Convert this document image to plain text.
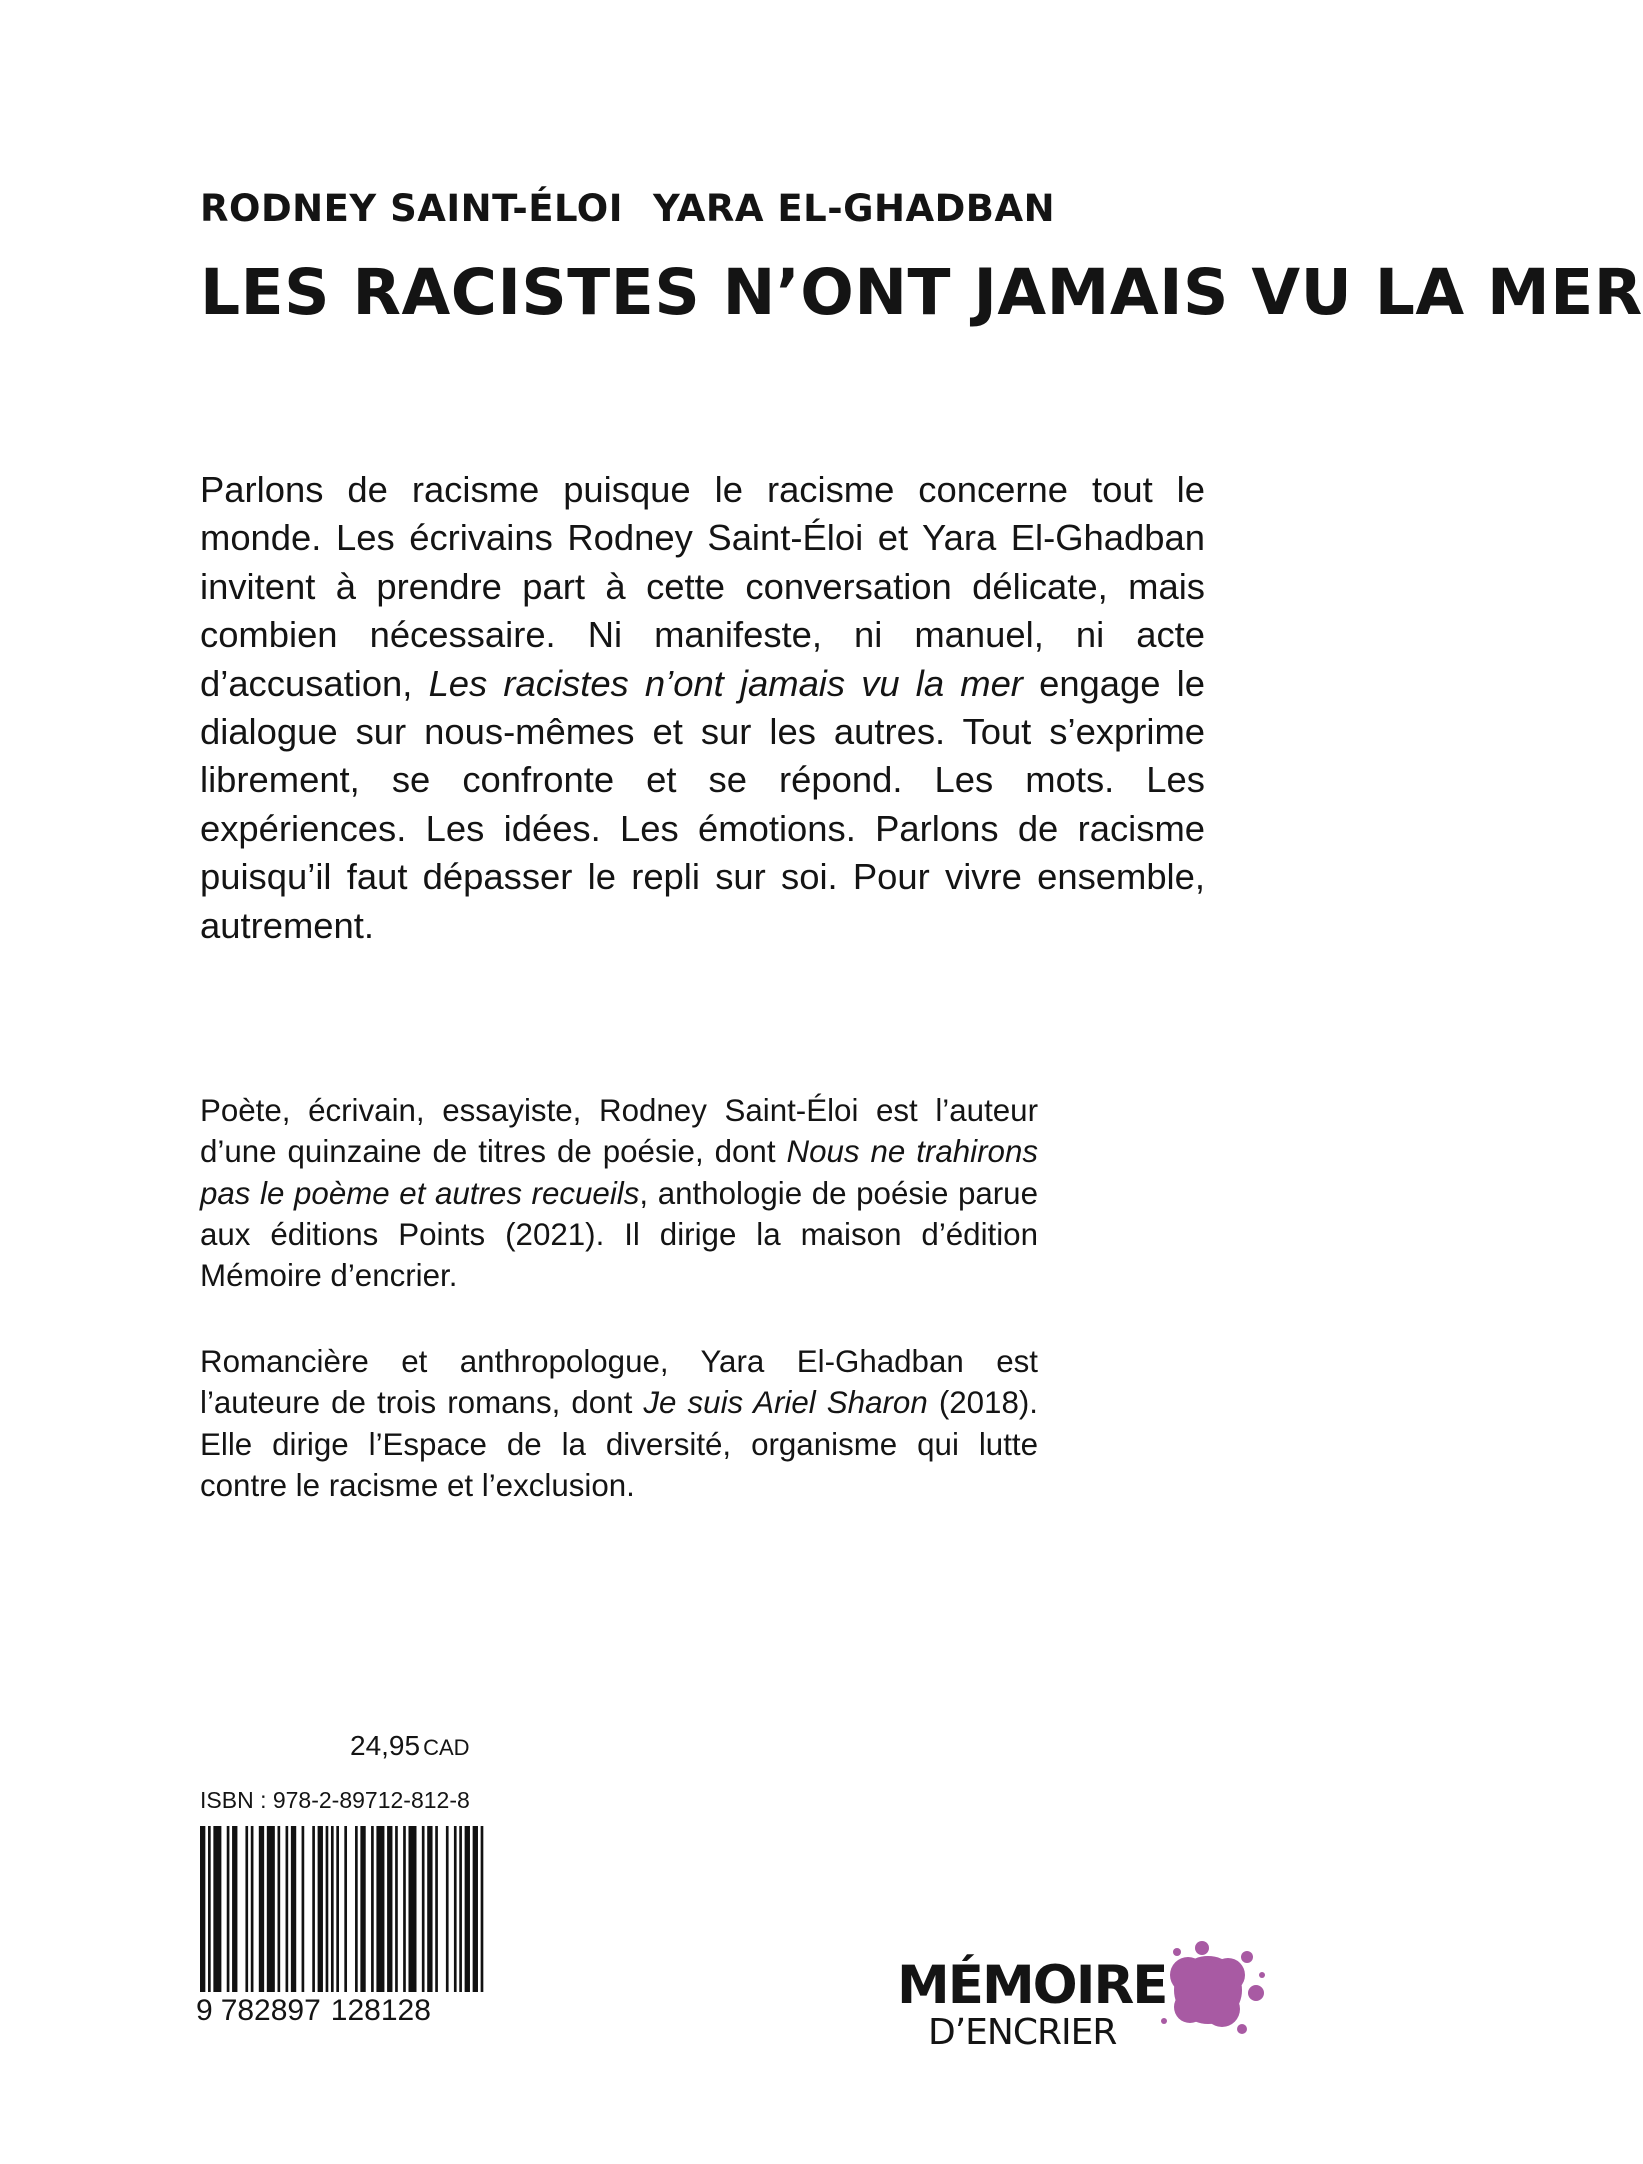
RODNEY SAINT-ÉLOI YARA EL-GHADBAN
LES RACISTES N’ONT JAMAIS VU LA MER

Parlons de racisme puisque le racisme concerne tout le monde. Les écrivains Rodney Saint-Éloi et Yara El-Ghadban invitent à prendre part à cette conversation délicate, mais combien nécessaire. Ni manifeste, ni manuel, ni acte d’accusation, Les racistes n’ont jamais vu la mer engage le dialogue sur nous-mêmes et sur les autres. Tout s’exprime librement, se confronte et se répond. Les mots. Les expériences. Les idées. Les émotions. Parlons de racisme puisqu’il faut dépasser le repli sur soi. Pour vivre ensemble, autrement.

Poète, écrivain, essayiste, Rodney Saint-Éloi est l’auteur d’une quinzaine de titres de poésie, dont Nous ne trahirons pas le poème et autres recueils, anthologie de poésie parue aux éditions Points (2021). Il dirige la maison d’édition Mémoire d’encrier.

Romancière et anthropologue, Yara El-Ghadban est l’auteure de trois romans, dont Je suis Ariel Sharon (2018). Elle dirige l’Espace de la diversité, organisme qui lutte contre le racisme et l’exclusion.

24,95 CAD
ISBN : 978-2-89712-812-8
9 782897 128128	MÉMOIRE
D’ENCRIER
